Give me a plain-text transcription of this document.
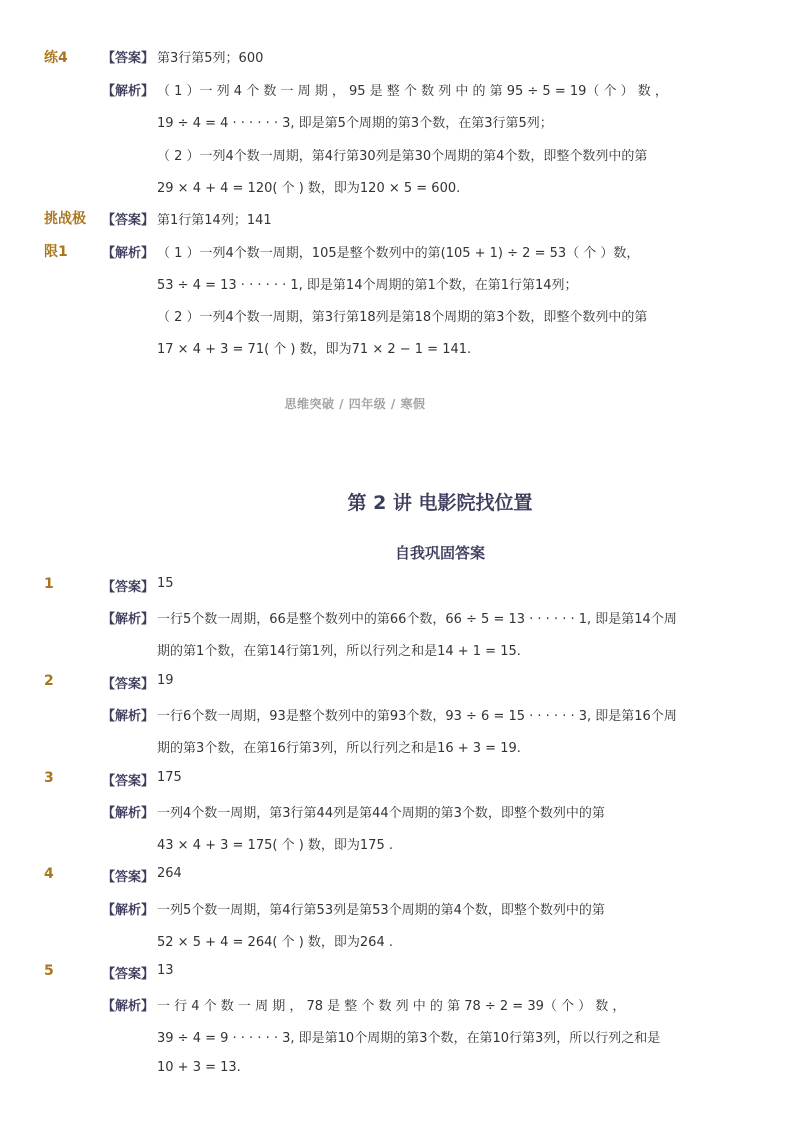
练4	【答案】 第3行第5列；600
【解析】 （ 1 ）一 列 4 个 数 一 周 期 ， 95 是 整 个 数 列 中 的 第 95 ÷ 5 = 19（ 个 ） 数 ，
19 ÷ 4 = 4 · · · · · · 3, 即是第5个周期的第3个数，在第3行第5列；
（ 2 ）一列4个数一周期，第4行第30列是第30个周期的第4个数，即整个数列中的第
29 × 4 + 4 = 120( 个 ) 数，即为120 × 5 = 600.
挑战极
限1
【答案】 第1行第14列；141
【解析】 （ 1 ）一列4个数一周期，105是整个数列中的第(105 + 1) ÷ 2 = 53（ 个 ）数，
53 ÷ 4 = 13 · · · · · · 1, 即是第14个周期的第1个数，在第1行第14列；
（ 2 ）一列4个数一周期，第3行第18列是第18个周期的第3个数，即整个数列中的第
17 × 4 + 3 = 71( 个 ) 数，即为71 × 2 − 1 = 141.
思维突破 / 四年级 / 寒假
第 2 讲 电影院找位置
自我巩固答案
1	【答案】 15
【解析】 一行5个数一周期，66是整个数列中的第66个数，66 ÷ 5 = 13 · · · · · · 1, 即是第14个周
期的第1个数，在第14行第1列，所以行列之和是14 + 1 = 15.
2	【答案】 19
【解析】 一行6个数一周期，93是整个数列中的第93个数，93 ÷ 6 = 15 · · · · · · 3, 即是第16个周
期的第3个数，在第16行第3列，所以行列之和是16 + 3 = 19.
3	【答案】 175
【解析】 一列4个数一周期，第3行第44列是第44个周期的第3个数，即整个数列中的第
43 × 4 + 3 = 175( 个 ) 数，即为175 .
4	【答案】 264
【解析】 一列5个数一周期，第4行第53列是第53个周期的第4个数，即整个数列中的第
52 × 5 + 4 = 264( 个 ) 数，即为264 .
5	【答案】 13
【解析】 一 行 4 个 数 一 周 期 ， 78 是 整 个 数 列 中 的 第 78 ÷ 2 = 39（ 个 ） 数 ，
39 ÷ 4 = 9 · · · · · · 3, 即是第10个周期的第3个数，在第10行第3列，所以行列之和是
10 + 3 = 13.
